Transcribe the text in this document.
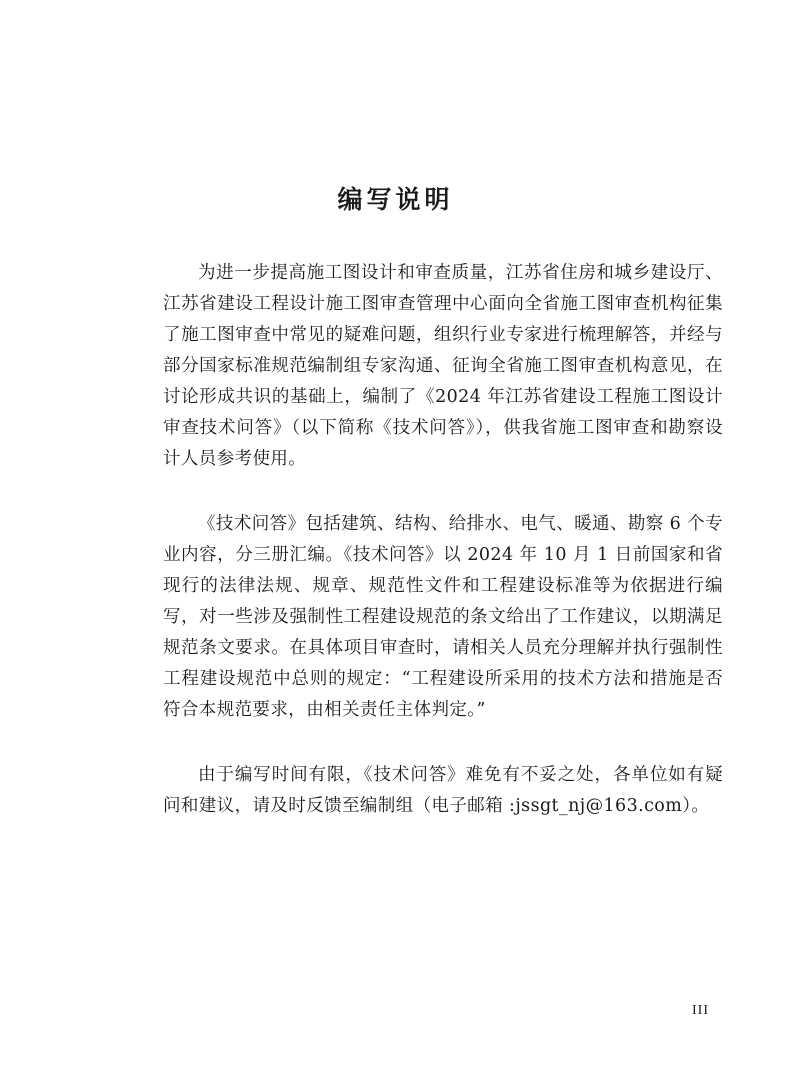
编写说明

为进一步提高施工图设计和审查质量，江苏省住房和城乡建设厅、江苏省建设工程设计施工图审查管理中心面向全省施工图审查机构征集了施工图审查中常见的疑难问题，组织行业专家进行梳理解答，并经与部分国家标准规范编制组专家沟通、征询全省施工图审查机构意见，在讨论形成共识的基础上，编制了《2024 年江苏省建设工程施工图设计审查技术问答》（以下简称《技术问答》），供我省施工图审查和勘察设计人员参考使用。

《技术问答》包括建筑、结构、给排水、电气、暖通、勘察 6 个专业内容，分三册汇编。《技术问答》以 2024 年 10 月 1 日前国家和省现行的法律法规、规章、规范性文件和工程建设标准等为依据进行编写，对一些涉及强制性工程建设规范的条文给出了工作建议，以期满足规范条文要求。在具体项目审查时，请相关人员充分理解并执行强制性工程建设规范中总则的规定：“工程建设所采用的技术方法和措施是否符合本规范要求，由相关责任主体判定。”

由于编写时间有限，《技术问答》难免有不妥之处，各单位如有疑问和建议，请及时反馈至编制组（电子邮箱 :jssgt_nj@163.com）。

III
